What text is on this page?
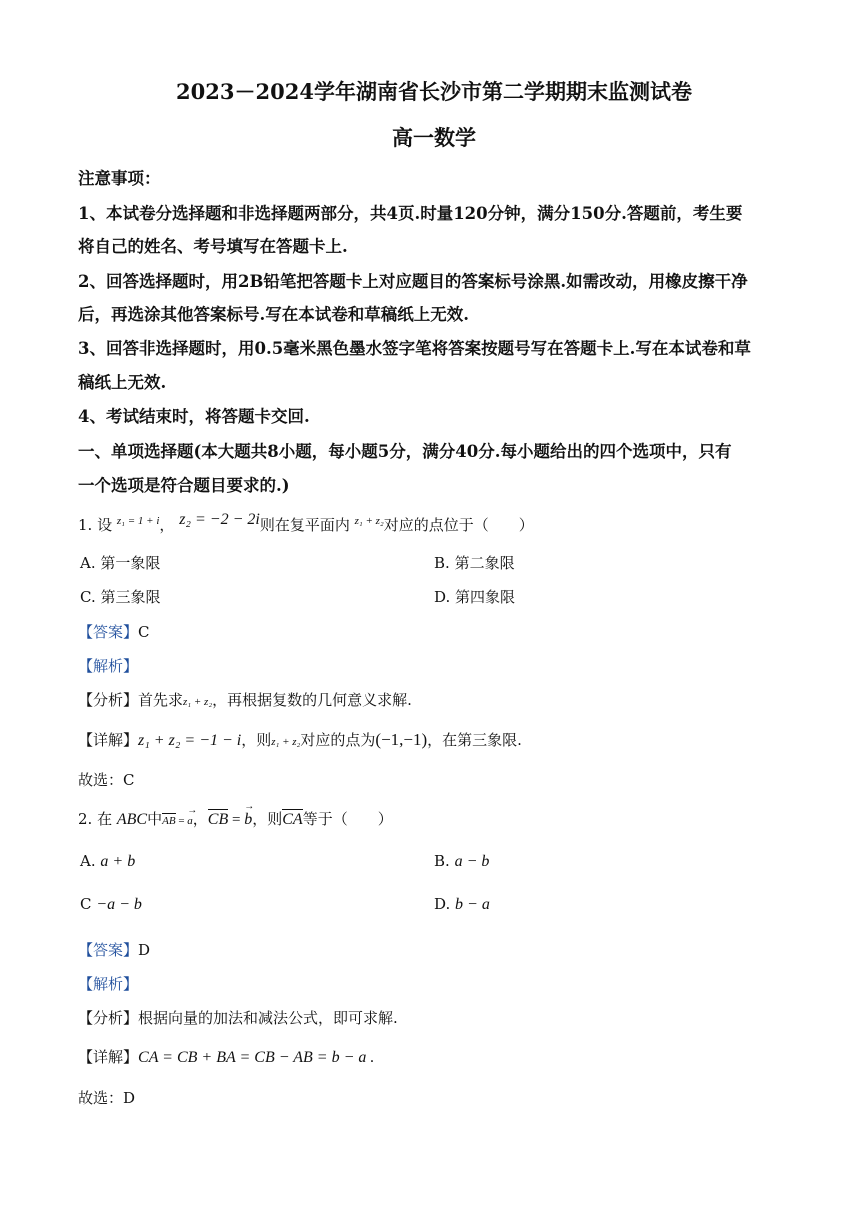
2023－2024学年湖南省长沙市第二学期期末监测试卷
高一数学
注意事项：
1、本试卷分选择题和非选择题两部分，共4页.时量120分钟，满分150分.答题前，考生要
将自己的姓名、考号填写在答题卡上.
2、回答选择题时，用2B铅笔把答题卡上对应题目的答案标号涂黑.如需改动，用橡皮擦干净
后，再选涂其他答案标号.写在本试卷和草稿纸上无效.
3、回答非选择题时，用0.5毫米黑色墨水签字笔将答案按题号写在答题卡上.写在本试卷和草
稿纸上无效.
4、考试结束时，将答题卡交回.
一、单项选择题(本大题共8小题，每小题5分，满分40分.每小题给出的四个选项中，只有
一个选项是符合题目要求的.)
1. 设 $^{z_1 = 1 + i}$， z₂ = −2 − 2i则在复平面内 $^{z_1 + z_2}$对应的点位于（　　）
A. 第一象限	B. 第二象限
C. 第三象限	D. 第四象限
【答案】C
【解析】
【分析】首先求z₁ + z₂，再根据复数的几何意义求解.
【详解】z₁ + z₂ = −1 − i，则z₁ + z₂对应的点为(−1,−1)，在第三象限.
故选：C
2. 在 ABC中AB = → a，CB = → b，则CA等于（　　）
A. a + b	B. a − b
C −a − b	D. b − a
【答案】D
【解析】
【分析】根据向量的加法和减法公式，即可求解.
【详解】CA = CB + BA = CB − AB = b − a .
故选：D
